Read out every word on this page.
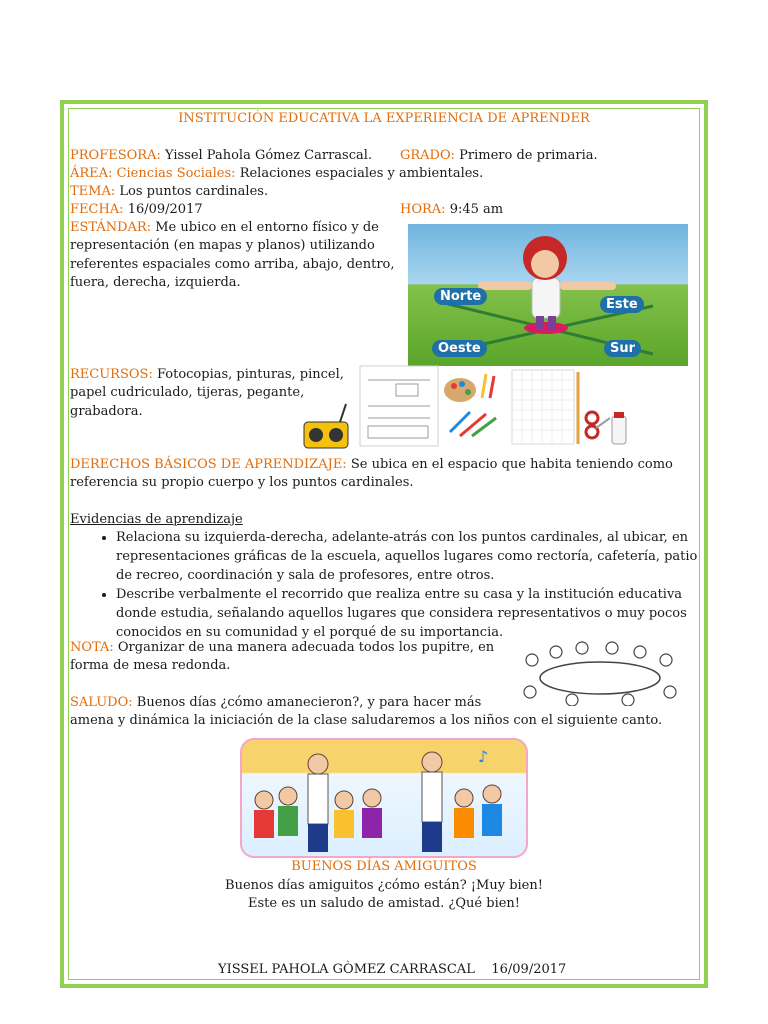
INSTITUCIÓN EDUCATIVA LA EXPERIENCIA DE APRENDER
PROFESORA: Yissel Pahola Gómez Carrascal. GRADO: Primero de primaria.
ÁREA: Ciencias Sociales: Relaciones espaciales y ambientales.
TEMA: Los puntos cardinales.
FECHA: 16/09/2017	HORA: 9:45 am
ESTÁNDAR: Me ubico en el entorno físico y de
representación (en mapas y planos) utilizando
referentes espaciales como arriba, abajo, dentro,
fuera, derecha, izquierda.
Norte
Este
Oeste	Sur
RECURSOS: Fotocopias, pinturas, pincel,
papel cudriculado, tijeras, pegante,
grabadora.
DERECHOS BÁSICOS DE APRENDIZAJE: Se ubica en el espacio que habita teniendo como
referencia su propio cuerpo y los puntos cardinales.
Evidencias de aprendizaje
• Relaciona su izquierda-derecha, adelante-atrás con los puntos cardinales, al ubicar, en representaciones gráficas de la escuela, aquellos lugares como rectoría, cafetería, patio de recreo, coordinación y sala de profesores, entre otros.
• Describe verbalmente el recorrido que realiza entre su casa y la institución educativa donde estudia, señalando aquellos lugares que considera representativos o muy pocos conocidos en su comunidad y el porqué de su importancia.
NOTA: Organizar de una manera adecuada todos los pupitre, en
forma de mesa redonda.
SALUDO: Buenos días ¿cómo amanecieron?, y para hacer más
amena y dinámica la iniciación de la clase saludaremos a los niños con el siguiente canto.
♪
BUENOS DÍAS AMIGUITOS
Buenos días amiguitos ¿cómo están? ¡Muy bien!
Este es un saludo de amistad. ¿Qué bien!
YISSEL PAHOLA GÒMEZ CARRASCAL    16/09/2017
